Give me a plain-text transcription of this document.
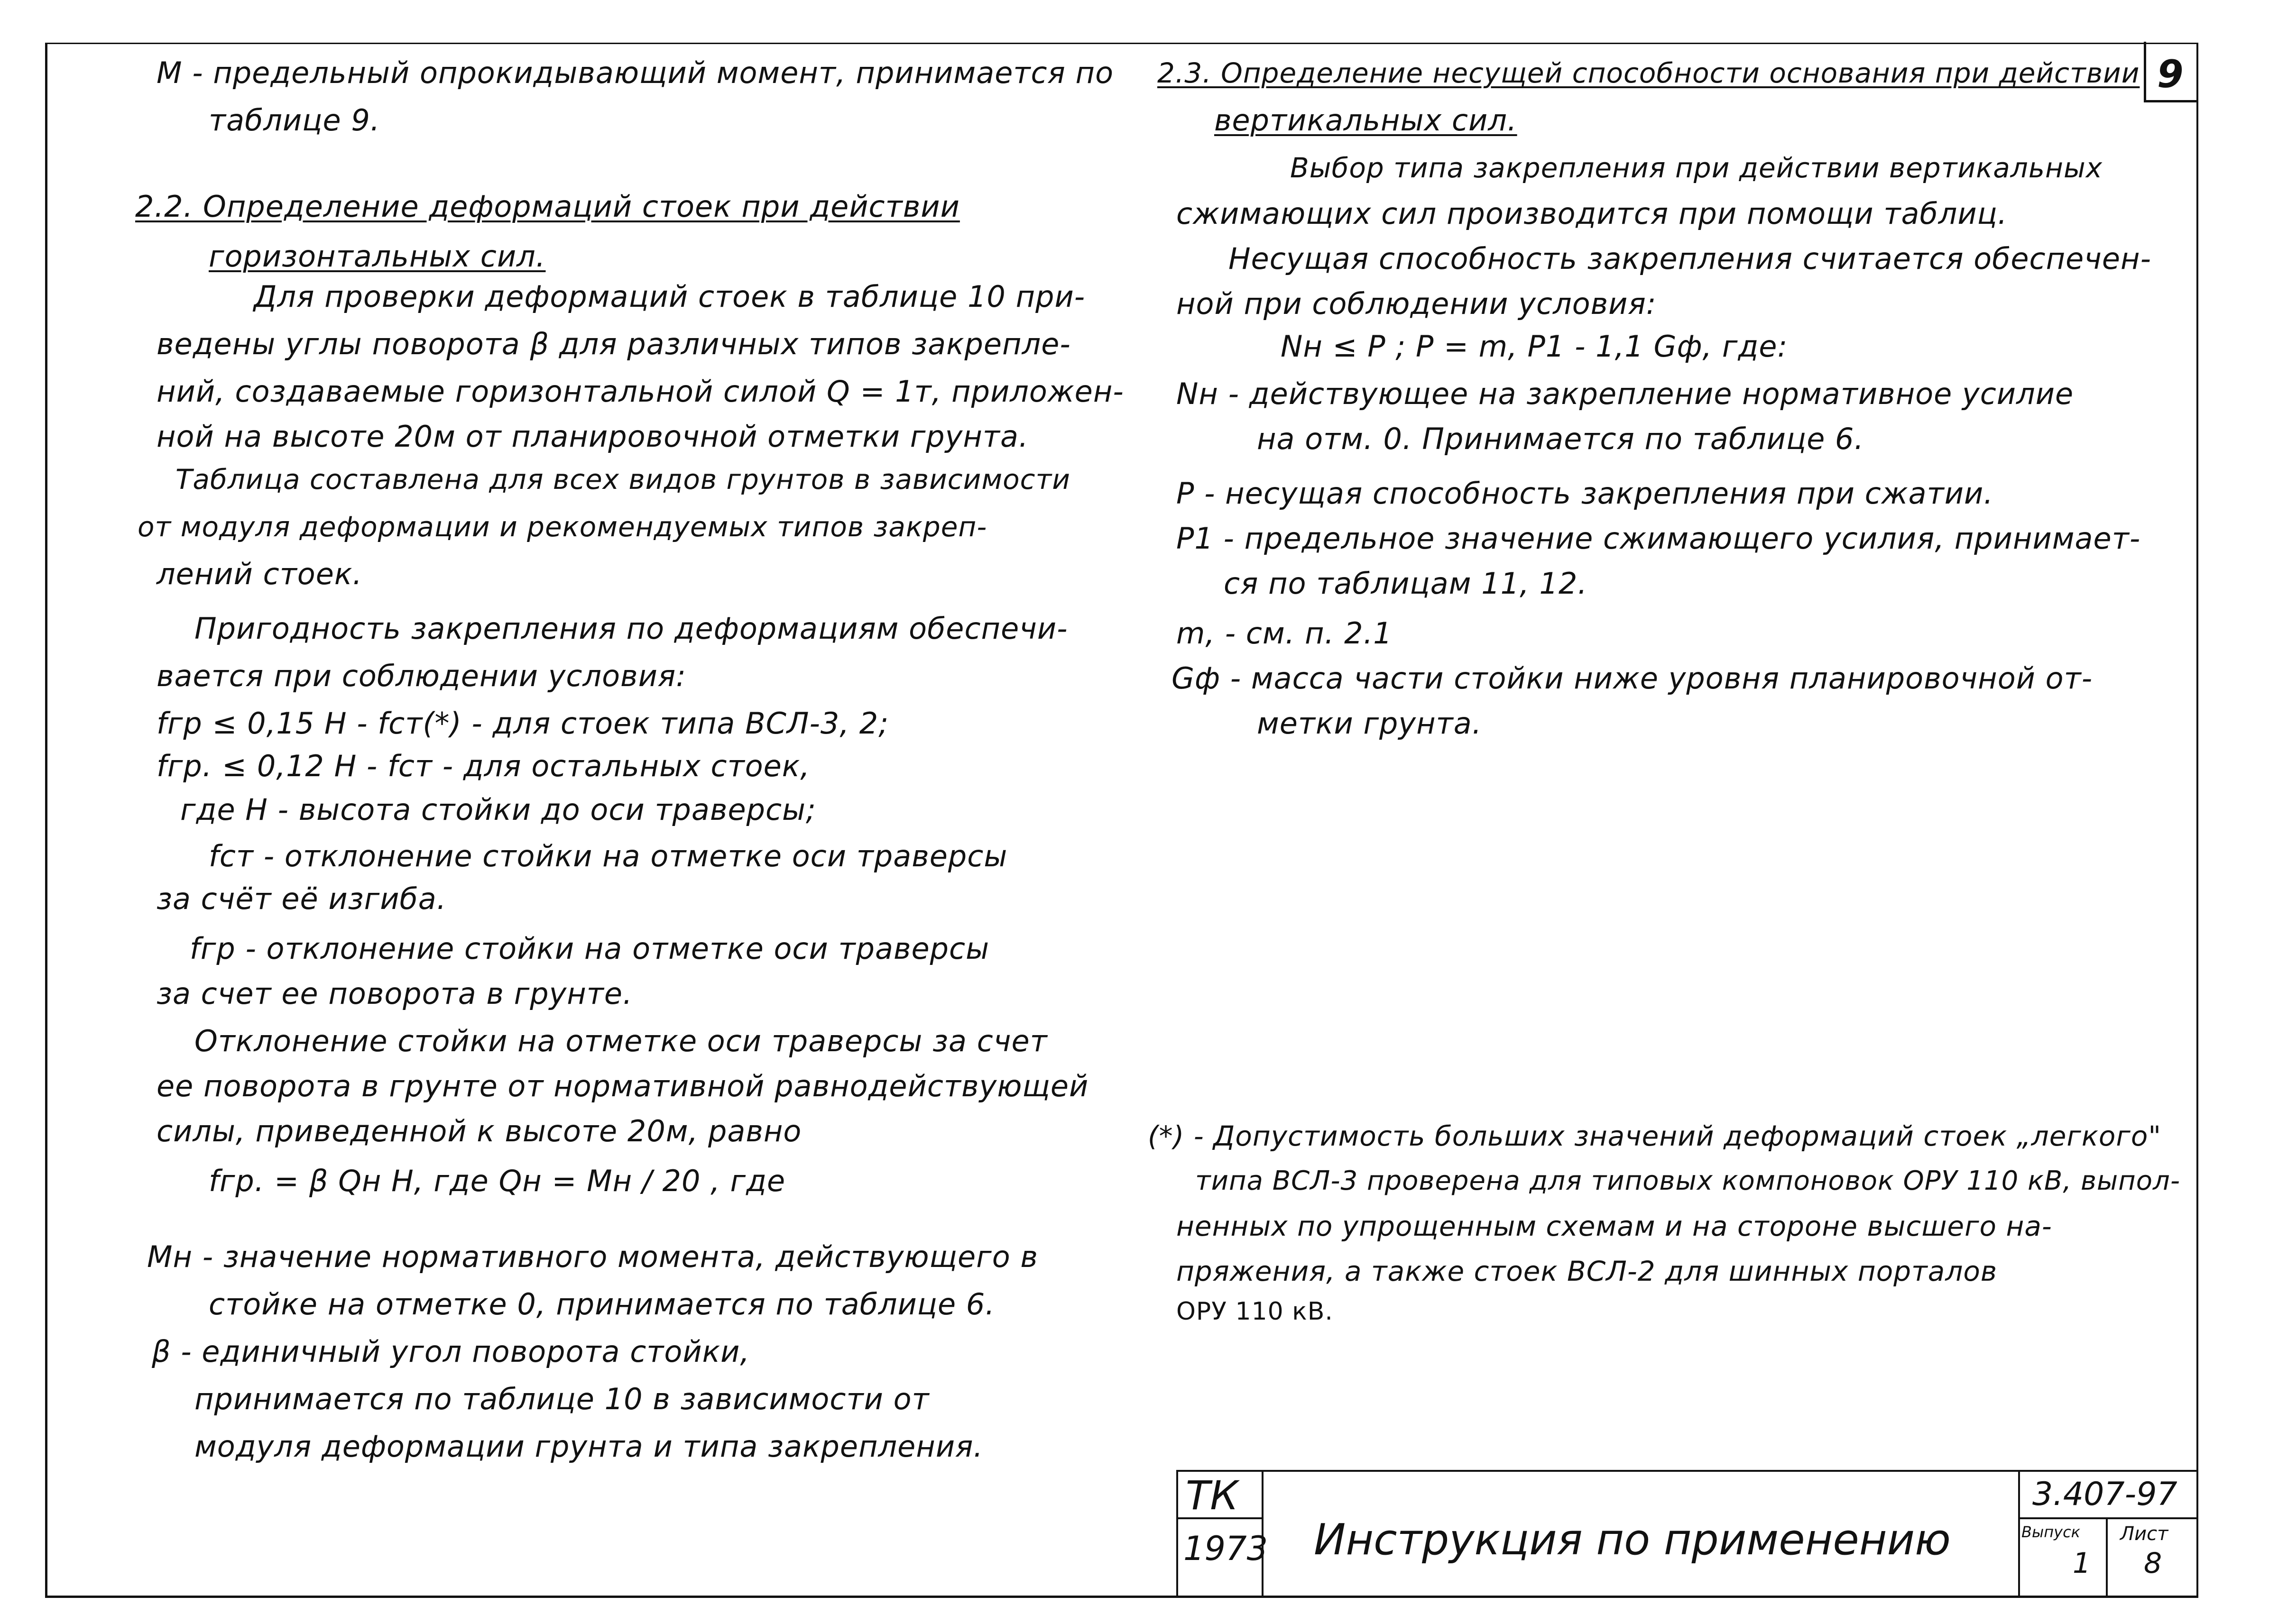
9
М - предельный опрокидывающий момент, принимается по
таблице 9.
2.2. Определение деформаций стоек при действии
горизонтальных сил.
Для проверки деформаций стоек в таблице 10 при-
ведены углы поворота β для различных типов закрепле-
ний, создаваемые горизонтальной силой Q = 1т, приложен-
ной на высоте 20м от планировочной отметки грунта.
Таблица составлена для всех видов грунтов в зависимости
от модуля деформации и рекомендуемых типов закреп-
лений стоек.
Пригодность закрепления по деформациям обеспечи-
вается при соблюдении условия:
fгр ≤ 0,15 H - fст(*) - для стоек типа ВСЛ-3, 2;
fгр. ≤ 0,12 H - fст - для остальных стоек,
где H - высота стойки до оси траверсы;
fст - отклонение стойки на отметке оси траверсы
за счёт её изгиба.
fгр - отклонение стойки на отметке оси траверсы
за счет ее поворота в грунте.
Отклонение стойки на отметке оси траверсы за счет
ее поворота в грунте от нормативной равнодействующей
силы, приведенной к высоте 20м, равно
fгр. = β Qн H, где Qн = Мн / 20 , где
Мн - значение нормативного момента, действующего в
стойке на отметке 0, принимается по таблице 6.
β - единичный угол поворота стойки,
принимается по таблице 10 в зависимости от
модуля деформации грунта и типа закрепления.
2.3. Определение несущей способности основания при действии
вертикальных сил.
Выбор типа закрепления при действии вертикальных
сжимающих сил производится при помощи таблиц.
Несущая способность закрепления считается обеспечен-
ной при соблюдении условия:
Nн ≤ P ; P = m, P1 - 1,1 Gф, где:
Nн - действующее на закрепление нормативное усилие
на отм. 0. Принимается по таблице 6.
P - несущая способность закрепления при сжатии.
P1 - предельное значение сжимающего усилия, принимает-
ся по таблицам 11, 12.
m, - см. п. 2.1
Gф - масса части стойки ниже уровня планировочной от-
метки грунта.
(*) - Допустимость больших значений деформаций стоек „легкого"
типа ВСЛ-3 проверена для типовых компоновок ОРУ 110 кВ, выпол-
ненных по упрощенным схемам и на стороне высшего на-
пряжения, а также стоек ВСЛ-2 для шинных порталов
ОРУ 110 кВ.
ТК
1973 Инструкция по применению
3.407-97
Выпуск
1
Лист
8
